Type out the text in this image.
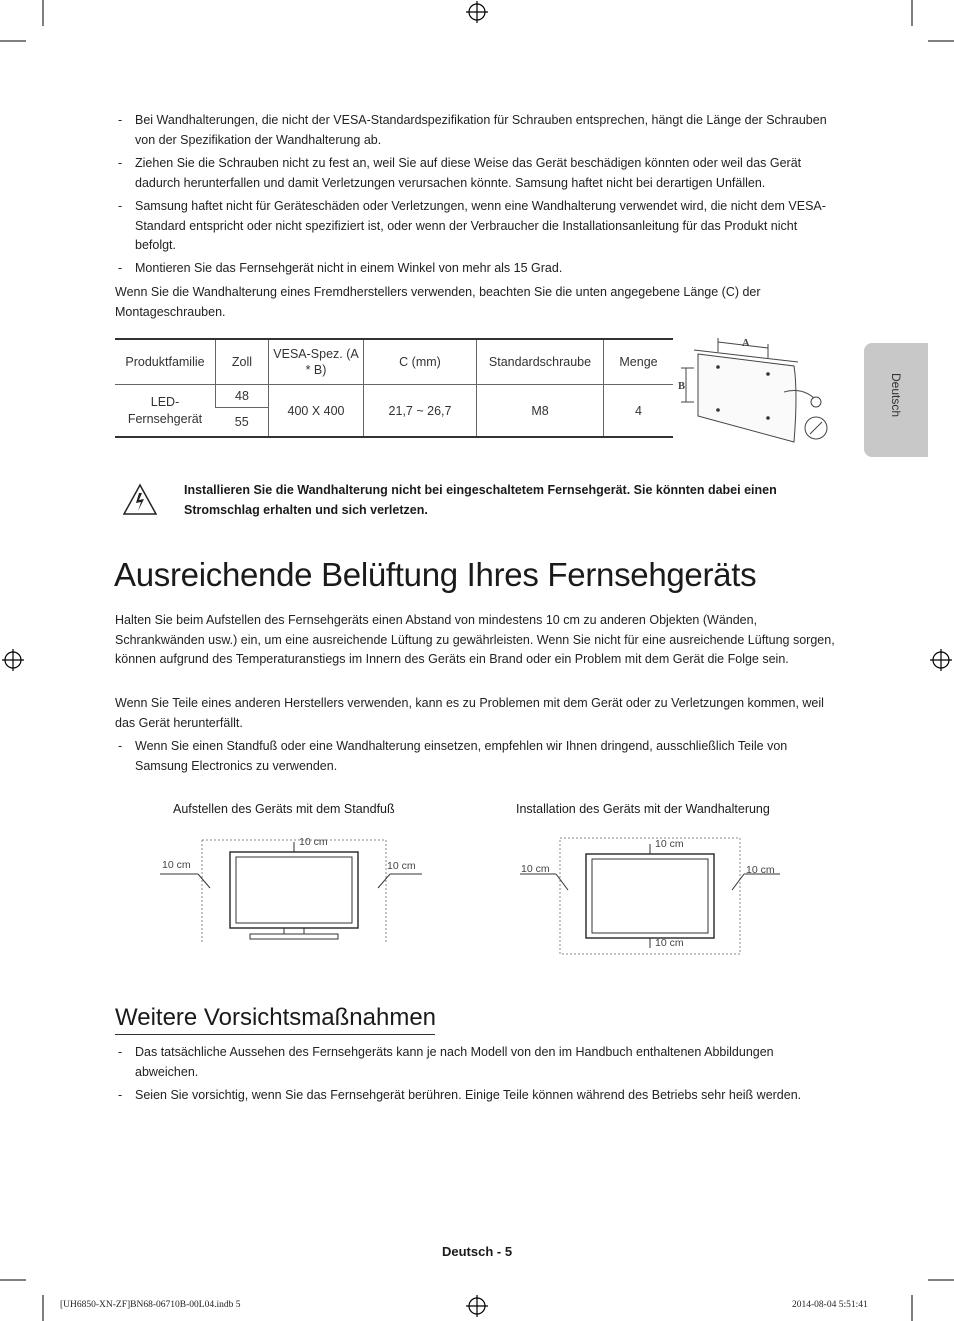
Deutsch
- Bei Wandhalterungen, die nicht der VESA-Standardspezifikation für Schrauben entsprechen, hängt die Länge der Schrauben von der Spezifikation der Wandhalterung ab.
- Ziehen Sie die Schrauben nicht zu fest an, weil Sie auf diese Weise das Gerät beschädigen könnten oder weil das Gerät dadurch herunterfallen und damit Verletzungen verursachen könnte. Samsung haftet nicht bei derartigen Unfällen.
- Samsung haftet nicht für Geräteschäden oder Verletzungen, wenn eine Wandhalterung verwendet wird, die nicht dem VESA-Standard entspricht oder nicht spezifiziert ist, oder wenn der Verbraucher die Installationsanleitung für das Produkt nicht befolgt.
- Montieren Sie das Fernsehgerät nicht in einem Winkel von mehr als 15 Grad.
Wenn Sie die Wandhalterung eines Fremdherstellers verwenden, beachten Sie die unten angegebene Länge (C) der Montageschrauben.
Produktfamilie	Zoll	VESA-Spez. (A * B)	C (mm)	Standardschraube	Menge
LED-Fernsehgerät	48	400 X 400	21,7 ~ 26,7	M8	4
	55				
A
B
Installieren Sie die Wandhalterung nicht bei eingeschaltetem Fernsehgerät. Sie könnten dabei einen Stromschlag erhalten und sich verletzen.
Ausreichende Belüftung Ihres Fernsehgeräts
Halten Sie beim Aufstellen des Fernsehgeräts einen Abstand von mindestens 10 cm zu anderen Objekten (Wänden, Schrankwänden usw.) ein, um eine ausreichende Lüftung zu gewährleisten. Wenn Sie nicht für eine ausreichende Lüftung sorgen, können aufgrund des Temperaturanstiegs im Innern des Geräts ein Brand oder ein Problem mit dem Gerät die Folge sein.
Wenn Sie Teile eines anderen Herstellers verwenden, kann es zu Problemen mit dem Gerät oder zu Verletzungen kommen, weil das Gerät herunterfällt.
- Wenn Sie einen Standfuß oder eine Wandhalterung einsetzen, empfehlen wir Ihnen dringend, ausschließlich Teile von Samsung Electronics zu verwenden.
Aufstellen des Geräts mit dem Standfuß	Installation des Geräts mit der Wandhalterung
10 cm
10 cm	10 cm
10 cm
10 cm
10 cm	10 cm
Weitere Vorsichtsmaßnahmen
- Das tatsächliche Aussehen des Fernsehgeräts kann je nach Modell von den im Handbuch enthaltenen Abbildungen abweichen.
- Seien Sie vorsichtig, wenn Sie das Fernsehgerät berühren. Einige Teile können während des Betriebs sehr heiß werden.
Deutsch - 5
[UH6850-XN-ZF]BN68-06710B-00L04.indb 5	2014-08-04 5:51:41
